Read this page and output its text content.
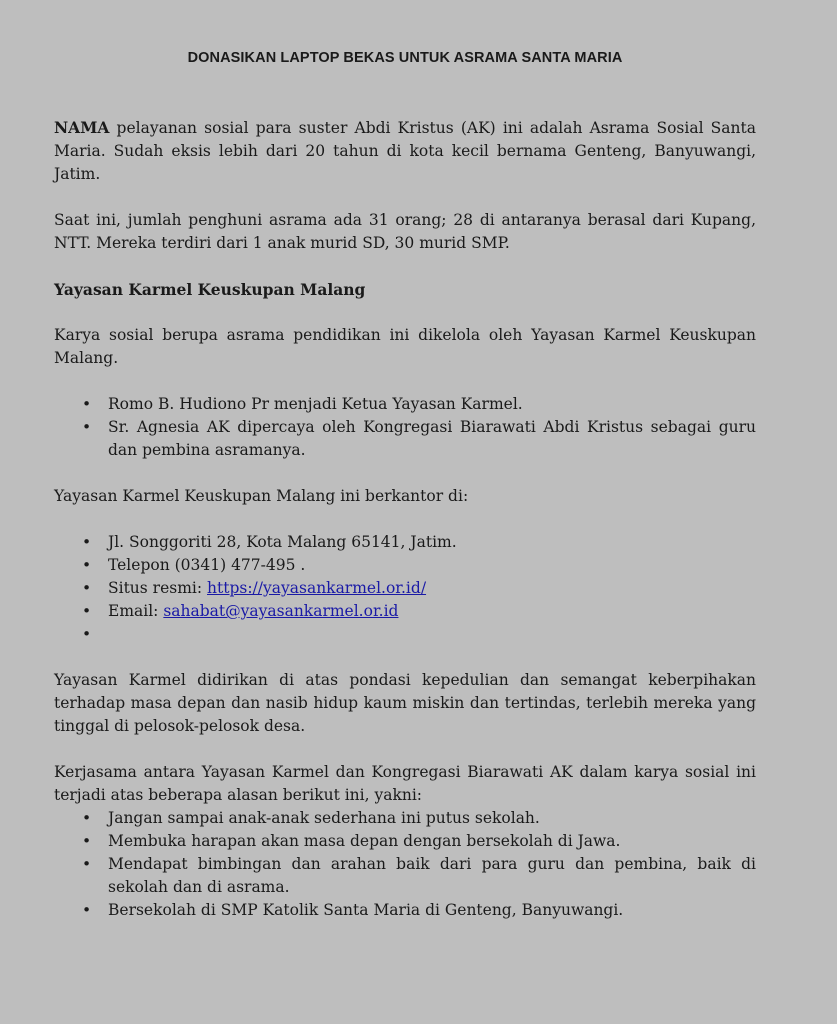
DONASIKAN LAPTOP BEKAS UNTUK ASRAMA SANTA MARIA

NAMA pelayanan sosial para suster Abdi Kristus (AK) ini adalah Asrama Sosial Santa Maria. Sudah eksis lebih dari 20 tahun di kota kecil bernama Genteng, Banyuwangi, Jatim.

Saat ini, jumlah penghuni asrama ada 31 orang; 28 di antaranya berasal dari Kupang, NTT. Mereka terdiri dari 1 anak murid SD, 30 murid SMP.

Yayasan Karmel Keuskupan Malang

Karya sosial berupa asrama pendidikan ini dikelola oleh Yayasan Karmel Keuskupan Malang.

• Romo B. Hudiono Pr menjadi Ketua Yayasan Karmel.
• Sr. Agnesia AK dipercaya oleh Kongregasi Biarawati Abdi Kristus sebagai guru dan pembina asramanya.

Yayasan Karmel Keuskupan Malang ini berkantor di:

• Jl. Songgoriti 28, Kota Malang 65141, Jatim.
• Telepon (0341) 477-495 .
• Situs resmi: https://yayasankarmel.or.id/
• Email: sahabat@yayasankarmel.or.id
•

Yayasan Karmel didirikan di atas pondasi kepedulian dan semangat keberpihakan terhadap masa depan dan nasib hidup kaum miskin dan tertindas, terlebih mereka yang tinggal di pelosok-pelosok desa.

Kerjasama antara Yayasan Karmel dan Kongregasi Biarawati AK dalam karya sosial ini terjadi atas beberapa alasan berikut ini, yakni:

• Jangan sampai anak-anak sederhana ini putus sekolah.
• Membuka harapan akan masa depan dengan bersekolah di Jawa.
• Mendapat bimbingan dan arahan baik dari para guru dan pembina, baik di sekolah dan di asrama.
• Bersekolah di SMP Katolik Santa Maria di Genteng, Banyuwangi.
